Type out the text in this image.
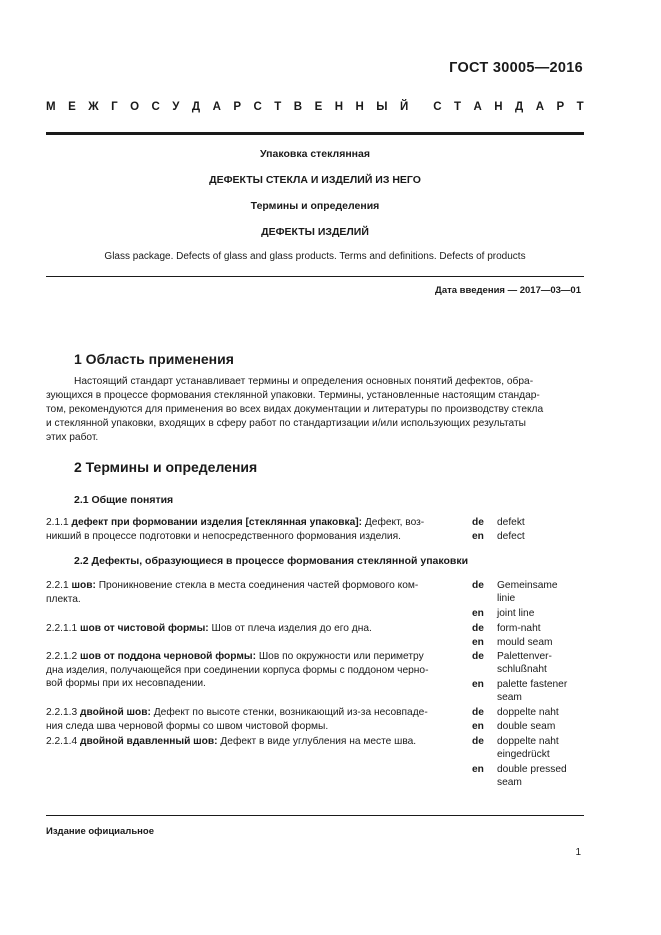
ГОСТ 30005—2016
М Е Ж Г О С У Д А Р С Т В Е Н Н Ы Й С Т А Н Д А Р Т
Упаковка стеклянная
ДЕФЕКТЫ СТЕКЛА И ИЗДЕЛИЙ ИЗ НЕГО
Термины и определения
ДЕФЕКТЫ ИЗДЕЛИЙ
Glass package. Defects of glass and glass products. Terms and definitions. Defects of products
Дата введения — 2017—03—01
1 Область применения
Настоящий стандарт устанавливает термины и определения основных понятий дефектов, обра-
зующихся в процессе формования стеклянной упаковки. Термины, установленные настоящим стандар-
том, рекомендуются для применения во всех видах документации и литературы по производству стекла
и стеклянной упаковки, входящих в сферу работ по стандартизации и/или использующих результаты
этих работ.
2 Термины и определения
2.1 Общие понятия
2.1.1 дефект при формовании изделия [стеклянная упаковка]: Дефект, воз-
никший в процессе подготовки и непосредственного формования изделия.
2.2 Дефекты, образующиеся в процессе формования стеклянной упаковки
2.2.1 шов: Проникновение стекла в места соединения частей формового ком-
плекта.
2.2.1.1 шов от чистовой формы: Шов от плеча изделия до его дна.
2.2.1.2 шов от поддона черновой формы: Шов по окружности или периметру
дна изделия, получающейся при соединении корпуса формы с поддоном черно-
вой формы при их несовпадении.
2.2.1.3 двойной шов: Дефект по высоте стенки, возникающий из-за несовпаде-
ния следа шва черновой формы со швом чистовой формы.
2.2.1.4 двойной вдавленный шов: Дефект в виде углубления на месте шва.
de defekt
en defect
de Gemeinsame
linie
en joint line
de form-naht
en mould seam
de Palettenver-
schlußnaht
en palette fastener
seam
de doppelte naht
en double seam
de doppelte naht
eingedrückt
en double pressed
seam
Издание официальное
1
